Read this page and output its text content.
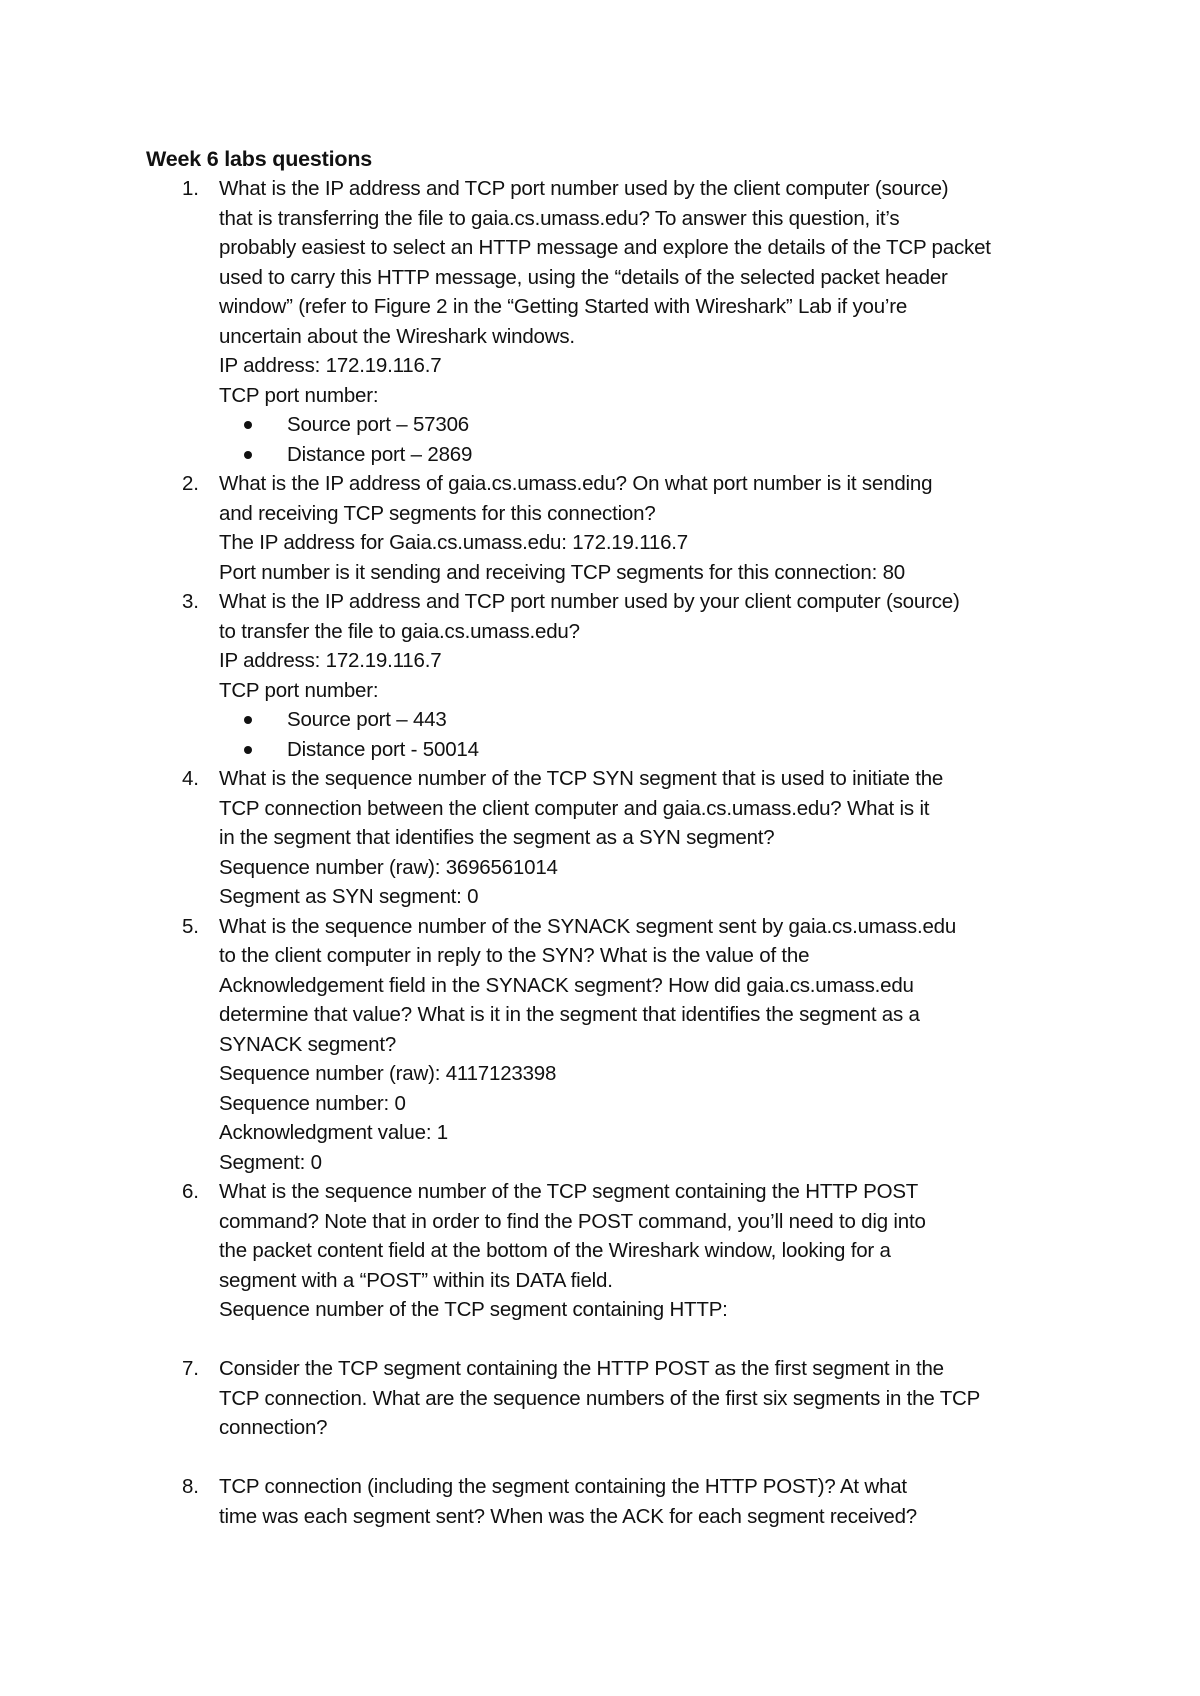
Week 6 labs questions
1. What is the IP address and TCP port number used by the client computer (source)
that is transferring the file to gaia.cs.umass.edu? To answer this question, it’s
probably easiest to select an HTTP message and explore the details of the TCP packet
used to carry this HTTP message, using the “details of the selected packet header
window” (refer to Figure 2 in the “Getting Started with Wireshark” Lab if you’re
uncertain about the Wireshark windows.
IP address: 172.19.116.7
TCP port number:
Source port – 57306
Distance port – 2869
2. What is the IP address of gaia.cs.umass.edu? On what port number is it sending
and receiving TCP segments for this connection?
The IP address for Gaia.cs.umass.edu: 172.19.116.7
Port number is it sending and receiving TCP segments for this connection: 80
3. What is the IP address and TCP port number used by your client computer (source)
to transfer the file to gaia.cs.umass.edu?
IP address: 172.19.116.7
TCP port number:
Source port – 443
Distance port - 50014
4. What is the sequence number of the TCP SYN segment that is used to initiate the
TCP connection between the client computer and gaia.cs.umass.edu? What is it
in the segment that identifies the segment as a SYN segment?
Sequence number (raw): 3696561014
Segment as SYN segment: 0
5. What is the sequence number of the SYNACK segment sent by gaia.cs.umass.edu
to the client computer in reply to the SYN? What is the value of the
Acknowledgement field in the SYNACK segment? How did gaia.cs.umass.edu
determine that value? What is it in the segment that identifies the segment as a
SYNACK segment?
Sequence number (raw): 4117123398
Sequence number: 0
Acknowledgment value: 1
Segment: 0
6. What is the sequence number of the TCP segment containing the HTTP POST
command? Note that in order to find the POST command, you’ll need to dig into
the packet content field at the bottom of the Wireshark window, looking for a
segment with a “POST” within its DATA field.
Sequence number of the TCP segment containing HTTP:
7. Consider the TCP segment containing the HTTP POST as the first segment in the
TCP connection. What are the sequence numbers of the first six segments in the TCP
connection?
8. TCP connection (including the segment containing the HTTP POST)? At what
time was each segment sent? When was the ACK for each segment received?
